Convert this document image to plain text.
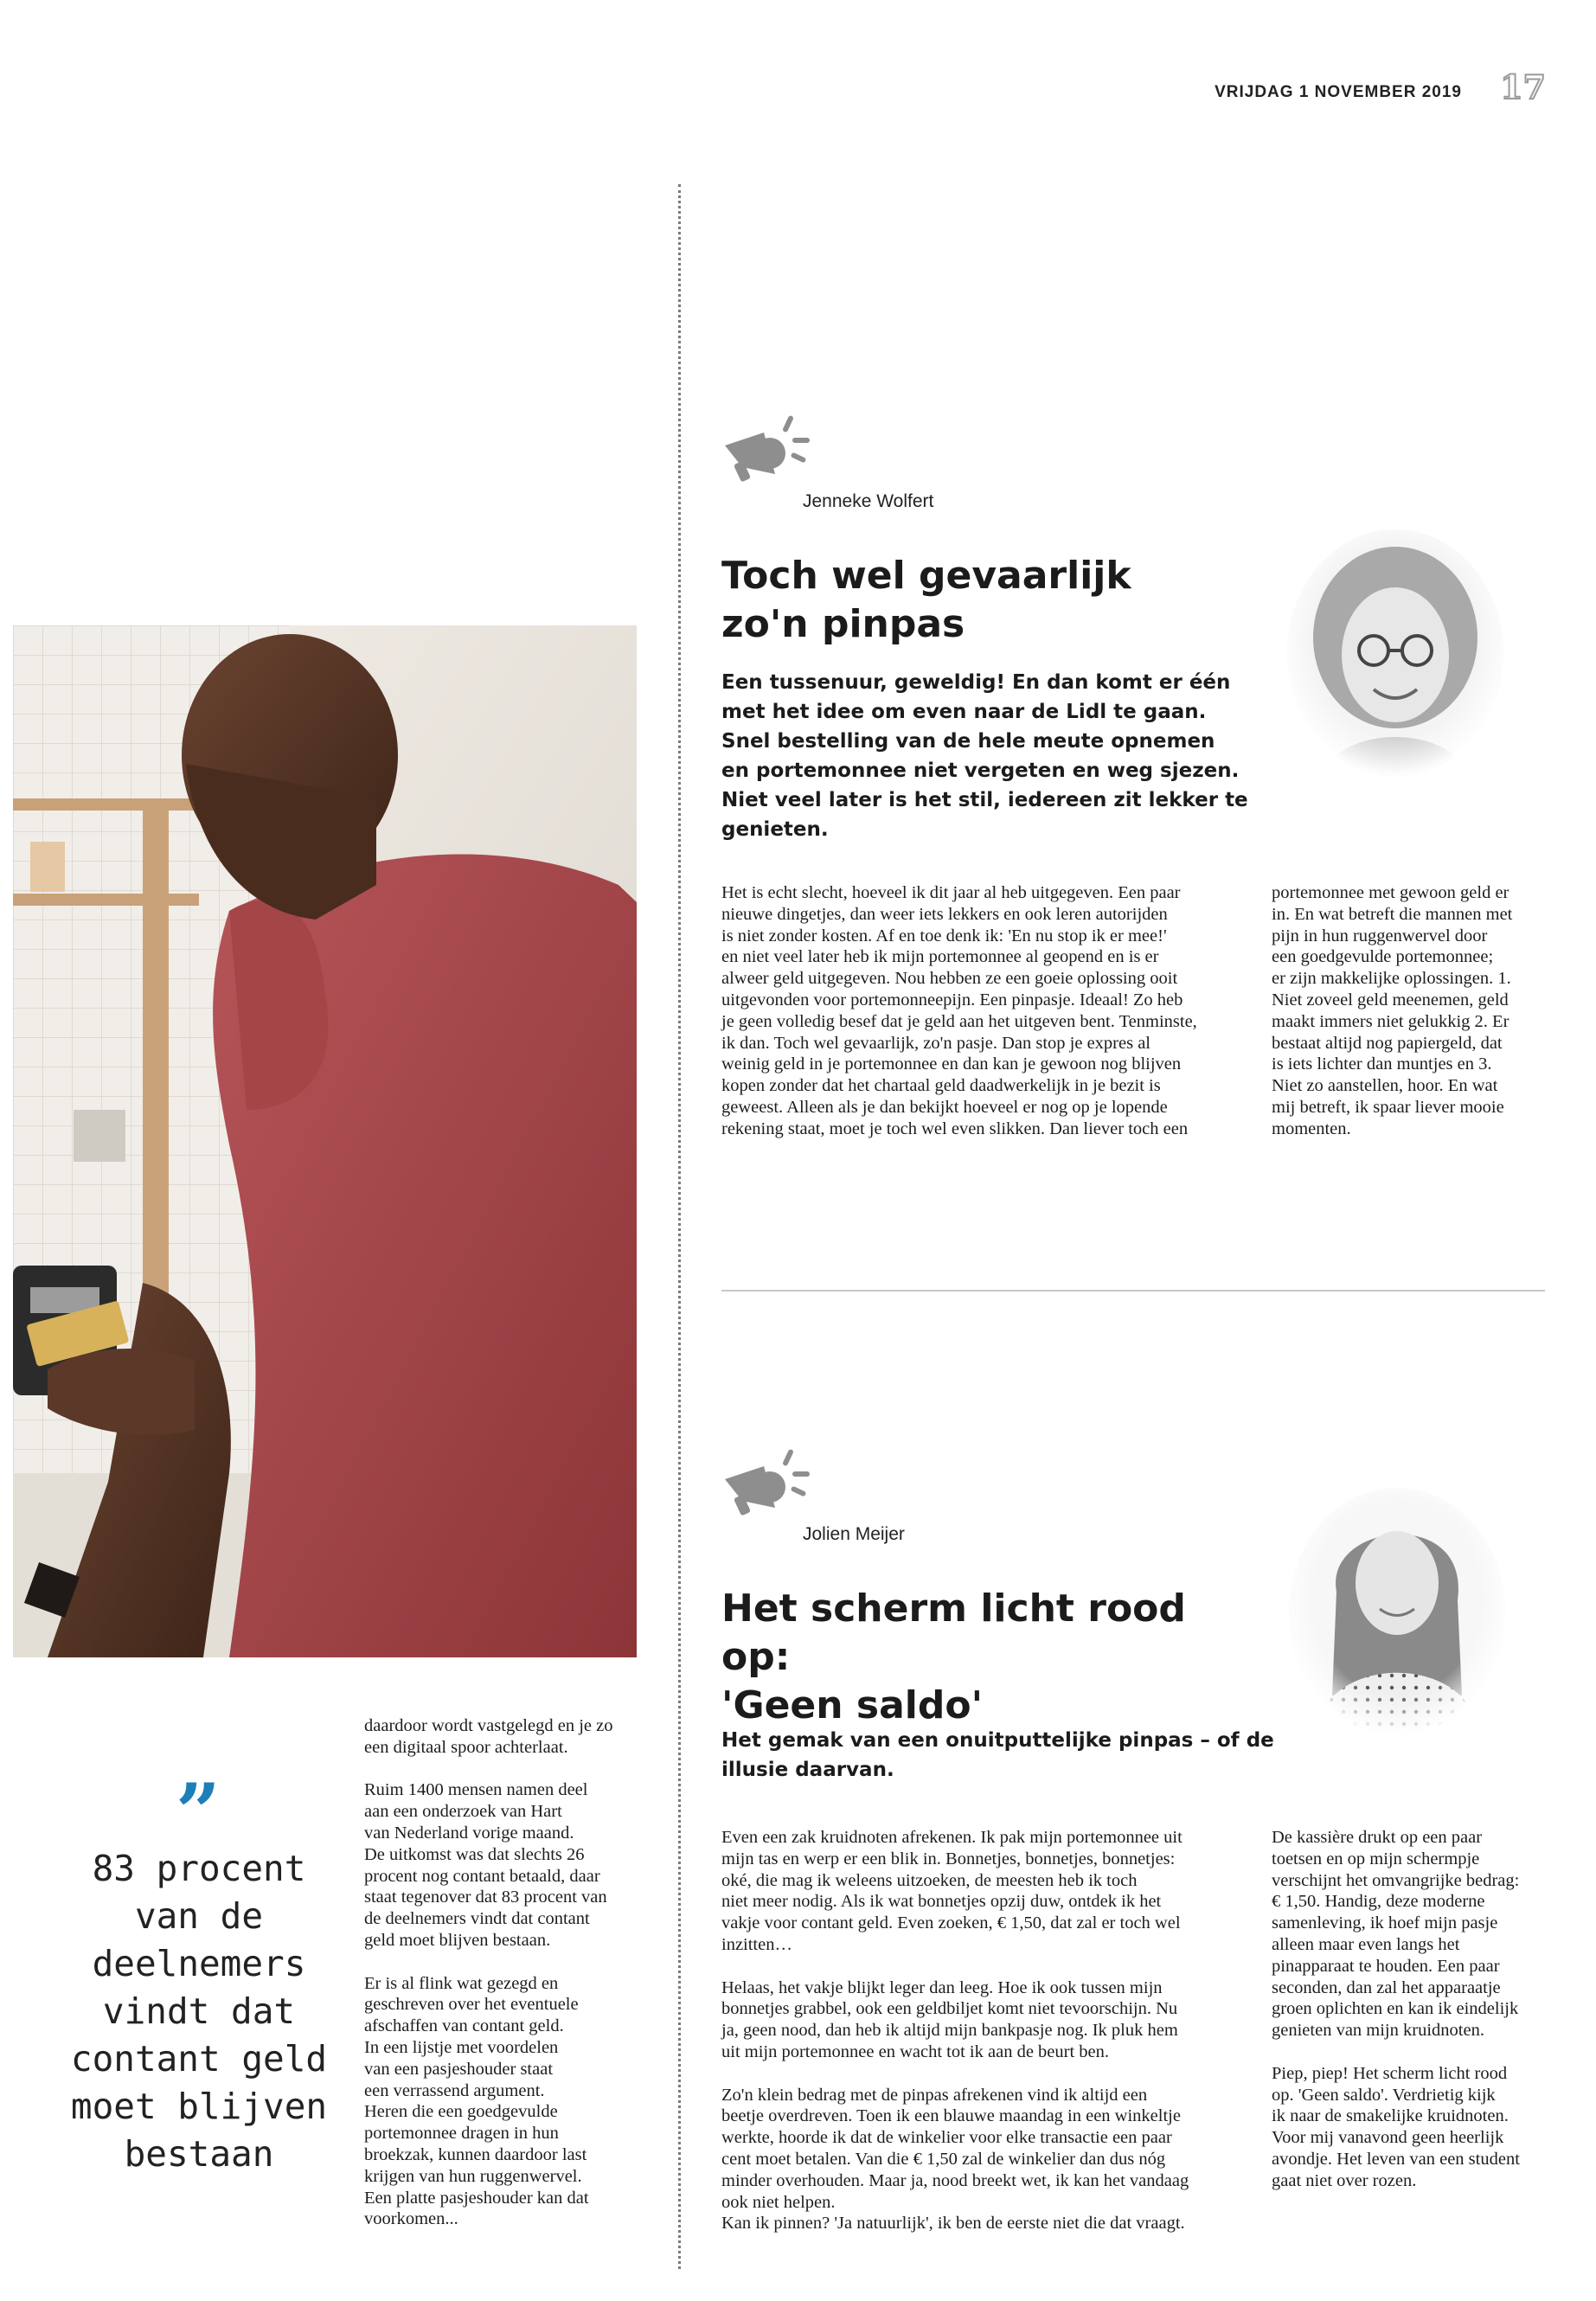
VRIJDAG 1 NOVEMBER 2019 17
Jenneke Wolfert
Toch wel gevaarlijk
zo'n pinpas
Een tussenuur, geweldig! En dan komt er één
met het idee om even naar de Lidl te gaan.
Snel bestelling van de hele meute opnemen
en portemonnee niet vergeten en weg sjezen.
Niet veel later is het stil, iedereen zit lekker te
genieten.
Het is echt slecht, hoeveel ik dit jaar al heb uitgegeven. Een paar
nieuwe dingetjes, dan weer iets lekkers en ook leren autorijden
is niet zonder kosten. Af en toe denk ik: 'En nu stop ik er mee!'
en niet veel later heb ik mijn portemonnee al geopend en is er
alweer geld uitgegeven. Nou hebben ze een goeie oplossing ooit
uitgevonden voor portemonneepijn. Een pinpasje. Ideaal! Zo heb
je geen volledig besef dat je geld aan het uitgeven bent. Tenminste,
ik dan. Toch wel gevaarlijk, zo'n pasje. Dan stop je expres al
weinig geld in je portemonnee en dan kan je gewoon nog blijven
kopen zonder dat het chartaal geld daadwerkelijk in je bezit is
geweest. Alleen als je dan bekijkt hoeveel er nog op je lopende
rekening staat, moet je toch wel even slikken. Dan liever toch een
portemonnee met gewoon geld er
in. En wat betreft die mannen met
pijn in hun ruggenwervel door
een goedgevulde portemonnee;
er zijn makkelijke oplossingen. 1.
Niet zoveel geld meenemen, geld
maakt immers niet gelukkig 2. Er
bestaat altijd nog papiergeld, dat
is iets lichter dan muntjes en 3.
Niet zo aanstellen, hoor. En wat
mij betreft, ik spaar liever mooie
momenten.
Jolien Meijer
Het scherm licht rood op:
'Geen saldo'
Het gemak van een onuitputtelijke pinpas – of de
illusie daarvan.

Even een zak kruidnoten afrekenen. Ik pak mijn portemonnee uit
mijn tas en werp er een blik in. Bonnetjes, bonnetjes, bonnetjes:
oké, die mag ik weleens uitzoeken, de meesten heb ik toch
niet meer nodig. Als ik wat bonnetjes opzij duw, ontdek ik het
vakje voor contant geld. Even zoeken, € 1,50, dat zal er toch wel
inzitten…

Helaas, het vakje blijkt leger dan leeg. Hoe ik ook tussen mijn
bonnetjes grabbel, ook een geldbiljet komt niet tevoorschijn. Nu
ja, geen nood, dan heb ik altijd mijn bankpasje nog. Ik pluk hem
uit mijn portemonnee en wacht tot ik aan de beurt ben.

Zo'n klein bedrag met de pinpas afrekenen vind ik altijd een
beetje overdreven. Toen ik een blauwe maandag in een winkeltje
werkte, hoorde ik dat de winkelier voor elke transactie een paar
cent moet betalen. Van die € 1,50 zal de winkelier dan dus nóg
minder overhouden. Maar ja, nood breekt wet, ik kan het vandaag
ook niet helpen.
Kan ik pinnen? 'Ja natuurlijk', ik ben de eerste niet die dat vraagt.

De kassière drukt op een paar
toetsen en op mijn schermpje
verschijnt het omvangrijke bedrag:
€ 1,50. Handig, deze moderne
samenleving, ik hoef mijn pasje
alleen maar even langs het
pinapparaat te houden. Een paar
seconden, dan zal het apparaatje
groen oplichten en kan ik eindelijk
genieten van mijn kruidnoten.

Piep, piep! Het scherm licht rood
op. 'Geen saldo'. Verdrietig kijk
ik naar de smakelijke kruidnoten.
Voor mij vanavond geen heerlijk
avondje. Het leven van een student
gaat niet over rozen.

daardoor wordt vastgelegd en je zo
een digitaal spoor achterlaat.

Ruim 1400 mensen namen deel
aan een onderzoek van Hart
van Nederland vorige maand.
De uitkomst was dat slechts 26
procent nog contant betaald, daar
staat tegenover dat 83 procent van
de deelnemers vindt dat contant
geld moet blijven bestaan.

Er is al flink wat gezegd en
geschreven over het eventuele
afschaffen van contant geld.
In een lijstje met voordelen
van een pasjeshouder staat
een verrassend argument.
Heren die een goedgevulde
portemonnee dragen in hun
broekzak, kunnen daardoor last
krijgen van hun ruggenwervel.
Een platte pasjeshouder kan dat
voorkomen...

”
83 procent
van de
deelnemers
vindt dat
contant geld
moet blijven
bestaan
